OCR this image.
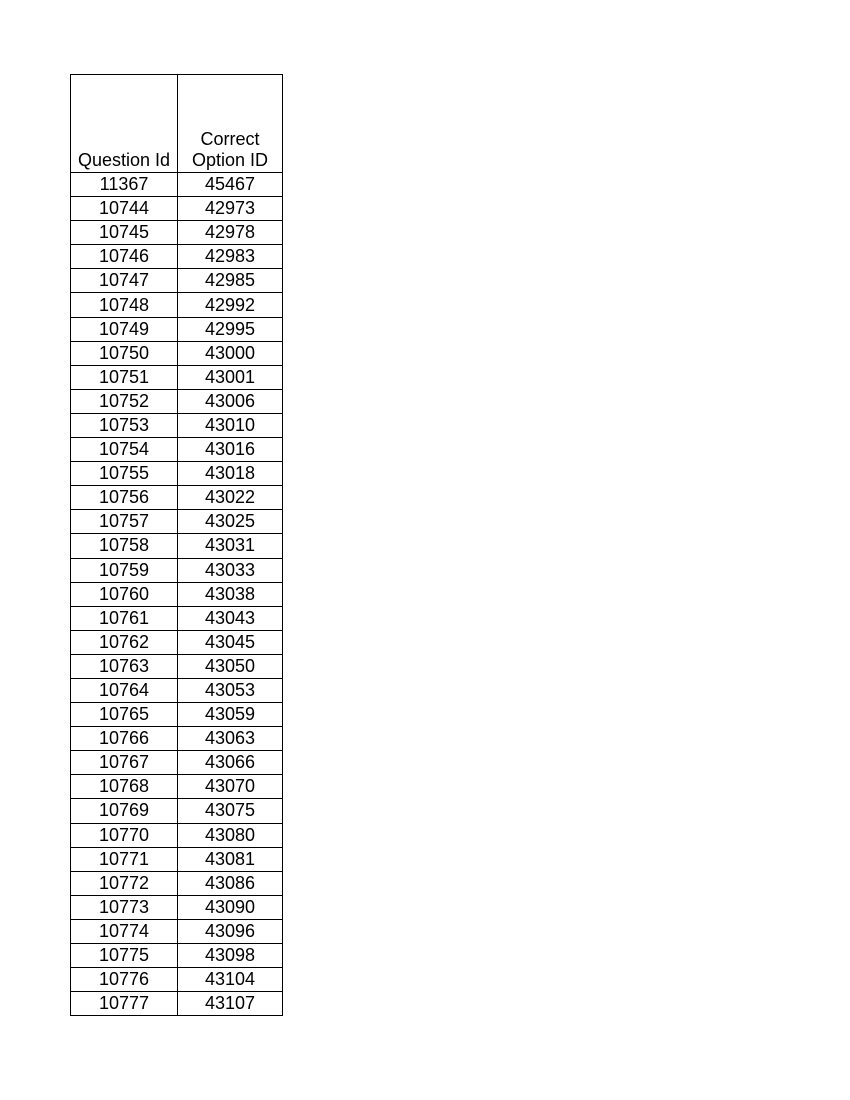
Question Id	Correct
Option ID

11367	45467
10744	42973
10745	42978
10746	42983
10747	42985
10748	42992
10749	42995
10750	43000
10751	43001
10752	43006
10753	43010
10754	43016
10755	43018
10756	43022
10757	43025
10758	43031
10759	43033
10760	43038
10761	43043
10762	43045
10763	43050
10764	43053
10765	43059
10766	43063
10767	43066
10768	43070
10769	43075
10770	43080
10771	43081
10772	43086
10773	43090
10774	43096
10775	43098
10776	43104
10777	43107
